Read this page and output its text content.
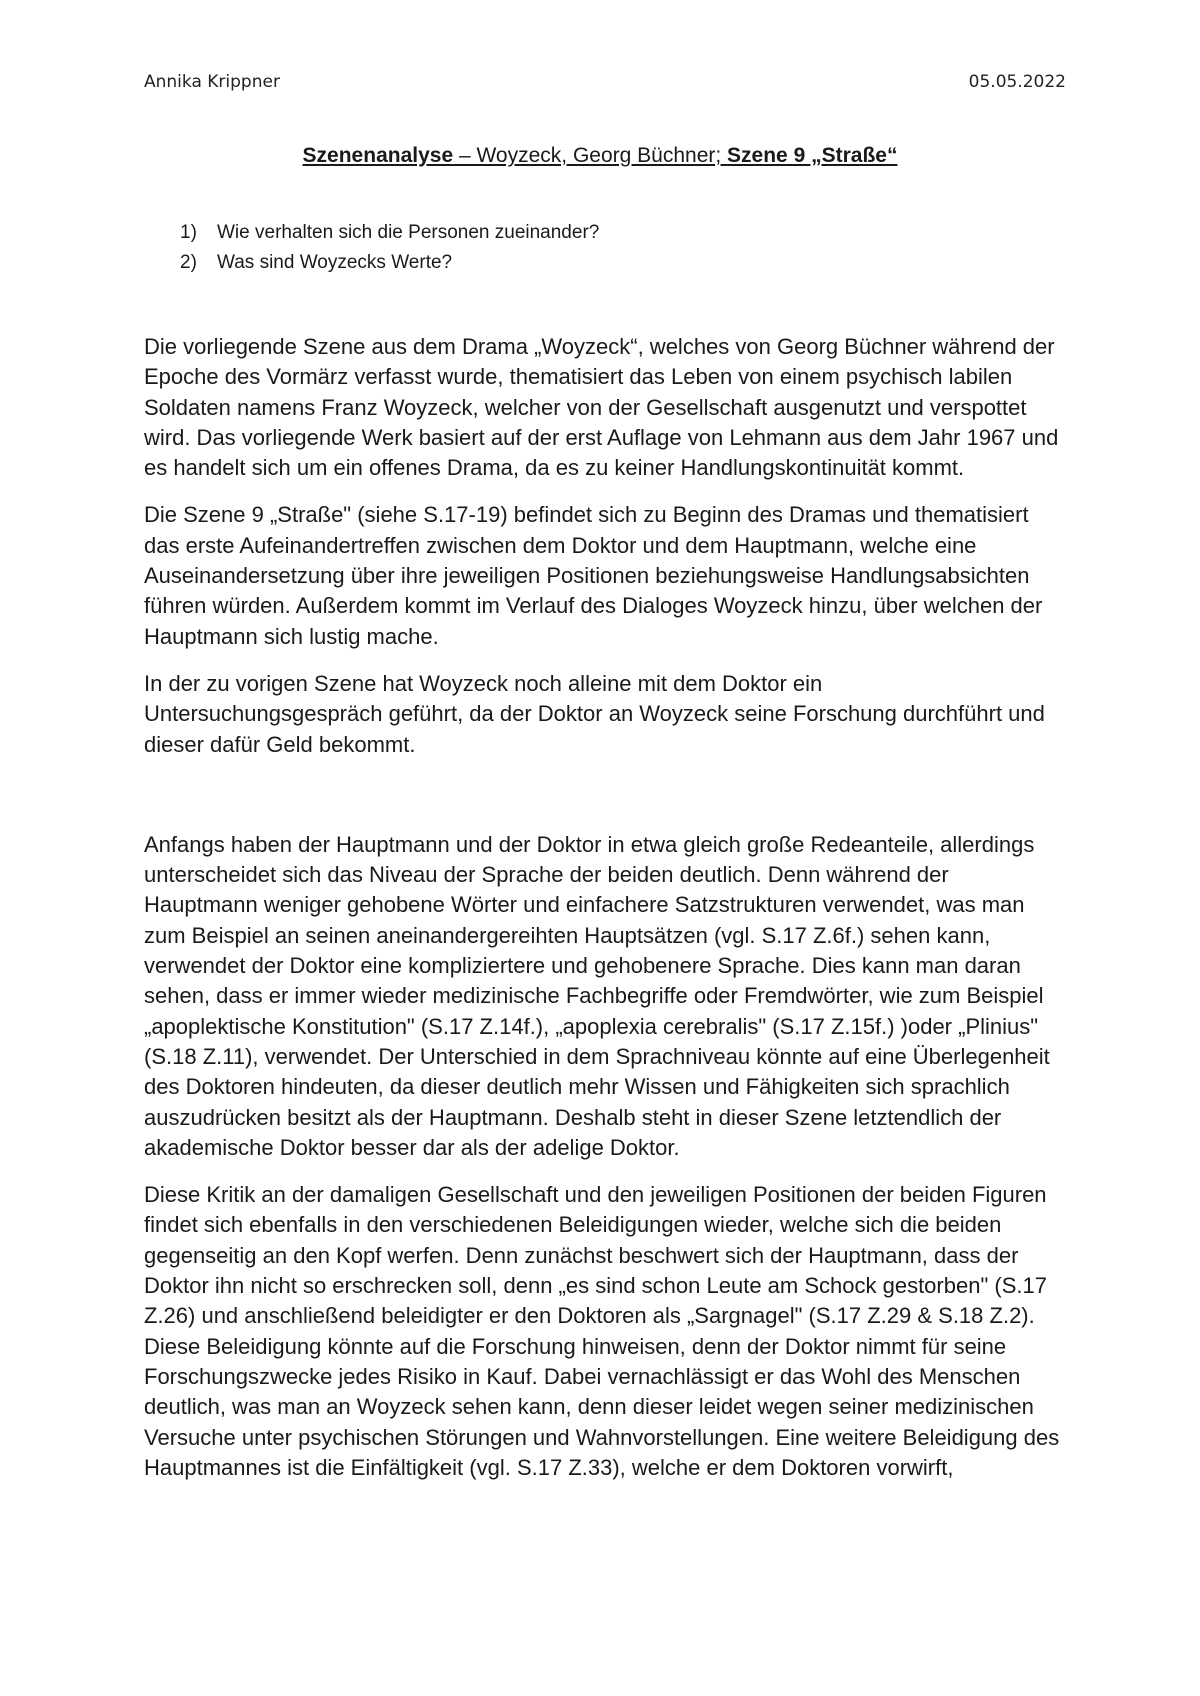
Annika Krippner	05.05.2022
Szenenanalyse – Woyzeck, Georg Büchner; Szene 9 „Straße“
1)	Wie verhalten sich die Personen zueinander?
2)	Was sind Woyzecks Werte?

Die vorliegende Szene aus dem Drama „Woyzeck“, welches von Georg Büchner während der Epoche des Vormärz verfasst wurde, thematisiert das Leben von einem psychisch labilen Soldaten namens Franz Woyzeck, welcher von der Gesellschaft ausgenutzt und verspottet wird. Das vorliegende Werk basiert auf der erst Auflage von Lehmann aus dem Jahr 1967 und es handelt sich um ein offenes Drama, da es zu keiner Handlungskontinuität kommt.

Die Szene 9 „Straße" (siehe S.17-19) befindet sich zu Beginn des Dramas und thematisiert das erste Aufeinandertreffen zwischen dem Doktor und dem Hauptmann, welche eine Auseinandersetzung über ihre jeweiligen Positionen beziehungsweise Handlungsabsichten führen würden. Außerdem kommt im Verlauf des Dialoges Woyzeck hinzu, über welchen der Hauptmann sich lustig mache.

In der zu vorigen Szene hat Woyzeck noch alleine mit dem Doktor ein Untersuchungsgespräch geführt, da der Doktor an Woyzeck seine Forschung durchführt und dieser dafür Geld bekommt.

Anfangs haben der Hauptmann und der Doktor in etwa gleich große Redeanteile, allerdings unterscheidet sich das Niveau der Sprache der beiden deutlich. Denn während der Hauptmann weniger gehobene Wörter und einfachere Satzstrukturen verwendet, was man zum Beispiel an seinen aneinandergereihten Hauptsätzen (vgl. S.17 Z.6f.) sehen kann, verwendet der Doktor eine kompliziertere und gehobenere Sprache. Dies kann man daran sehen, dass er immer wieder medizinische Fachbegriffe oder Fremdwörter, wie zum Beispiel „apoplektische Konstitution" (S.17 Z.14f.), „apoplexia cerebralis" (S.17 Z.15f.) )oder „Plinius" (S.18 Z.11), verwendet. Der Unterschied in dem Sprachniveau könnte auf eine Überlegenheit des Doktoren hindeuten, da dieser deutlich mehr Wissen und Fähigkeiten sich sprachlich auszudrücken besitzt als der Hauptmann. Deshalb steht in dieser Szene letztendlich der akademische Doktor besser dar als der adelige Doktor.

Diese Kritik an der damaligen Gesellschaft und den jeweiligen Positionen der beiden Figuren findet sich ebenfalls in den verschiedenen Beleidigungen wieder, welche sich die beiden gegenseitig an den Kopf werfen. Denn zunächst beschwert sich der Hauptmann, dass der Doktor ihn nicht so erschrecken soll, denn „es sind schon Leute am Schock gestorben" (S.17 Z.26) und anschließend beleidigter er den Doktoren als „Sargnagel" (S.17 Z.29 & S.18 Z.2). Diese Beleidigung könnte auf die Forschung hinweisen, denn der Doktor nimmt für seine Forschungszwecke jedes Risiko in Kauf. Dabei vernachlässigt er das Wohl des Menschen deutlich, was man an Woyzeck sehen kann, denn dieser leidet wegen seiner medizinischen Versuche unter psychischen Störungen und Wahnvorstellungen. Eine weitere Beleidigung des Hauptmannes ist die Einfältigkeit (vgl. S.17 Z.33), welche er dem Doktoren vorwirft,
